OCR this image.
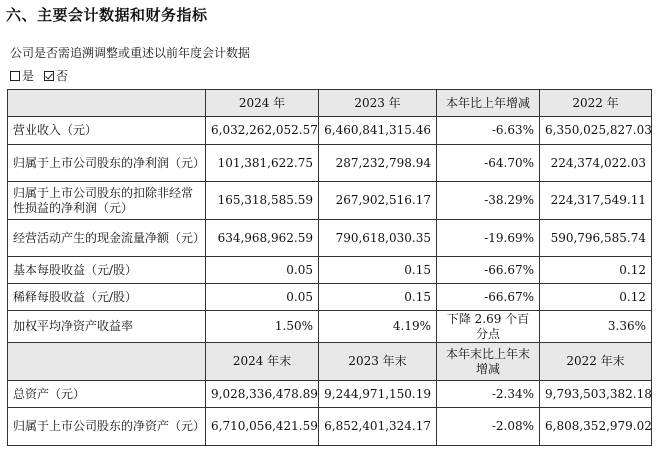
六、主要会计数据和财务指标
公司是否需追溯调整或重述以前年度会计数据
是 否
	2024 年	2023 年	本年比上年增减	2022 年
营业收入（元）	6,032,262,052.57	6,460,841,315.46	-6.63%	6,350,025,827.03
归属于上市公司股东的净利润（元）	101,381,622.75	287,232,798.94	-64.70%	224,374,022.03
归属于上市公司股东的扣除非经常性损益的净利润（元）	165,318,585.59	267,902,516.17	-38.29%	224,317,549.11
经营活动产生的现金流量净额（元）	634,968,962.59	790,618,030.35	-19.69%	590,796,585.74
基本每股收益（元/股）	0.05	0.15	-66.67%	0.12
稀释每股收益（元/股）	0.05	0.15	-66.67%	0.12
加权平均净资产收益率	1.50%	4.19%	下降 2.69 个百分点	3.36%
	2024 年末	2023 年末	本年末比上年末增减	2022 年末
总资产（元）	9,028,336,478.89	9,244,971,150.19	-2.34%	9,793,503,382.18
归属于上市公司股东的净资产（元）	6,710,056,421.59	6,852,401,324.17	-2.08%	6,808,352,979.02
